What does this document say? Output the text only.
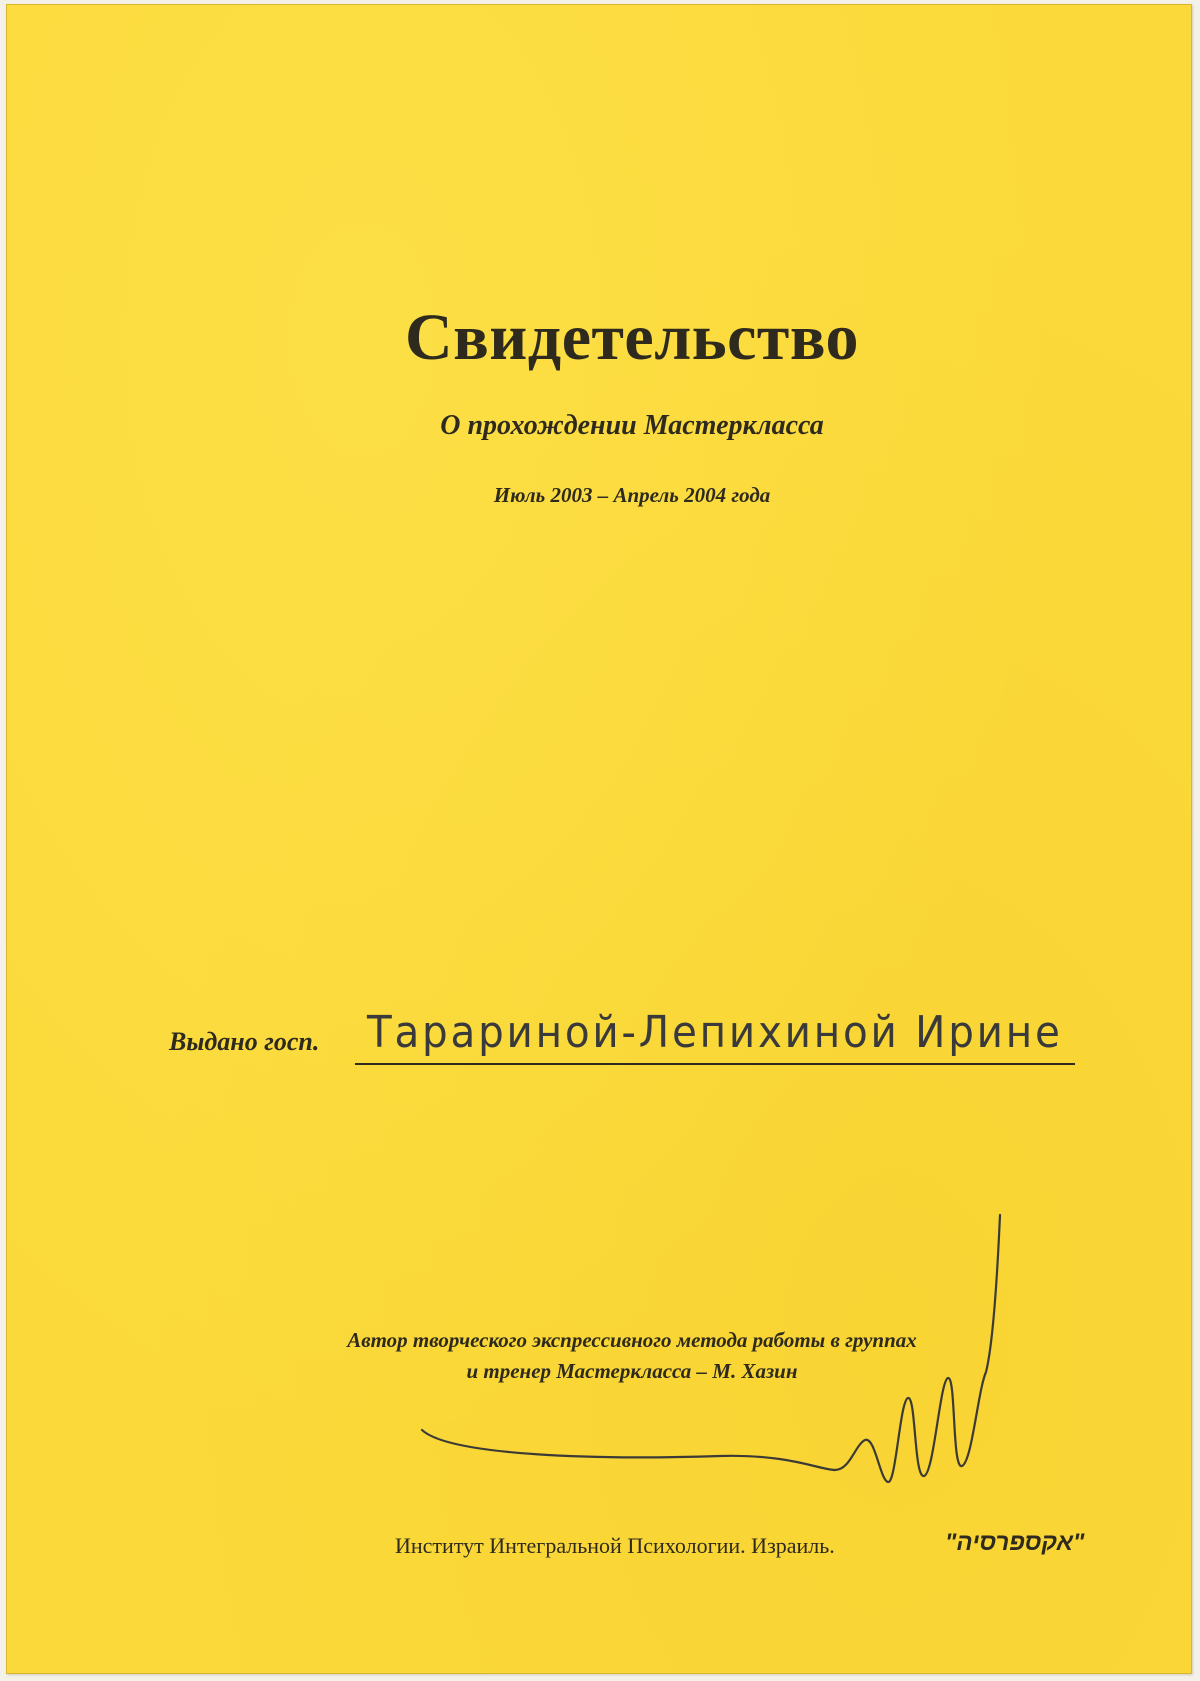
Свидетельство
О прохождении Мастеркласса
Июль 2003 – Апрель 2004 года
Выдано госп. Тарариной-Лепихиной Ирине
Автор творческого экспрессивного метода работы в группах
и тренер Мастеркласса – М. Хазин
Институт Интегральной Психологии. Израиль.	"אקספרסיה"
